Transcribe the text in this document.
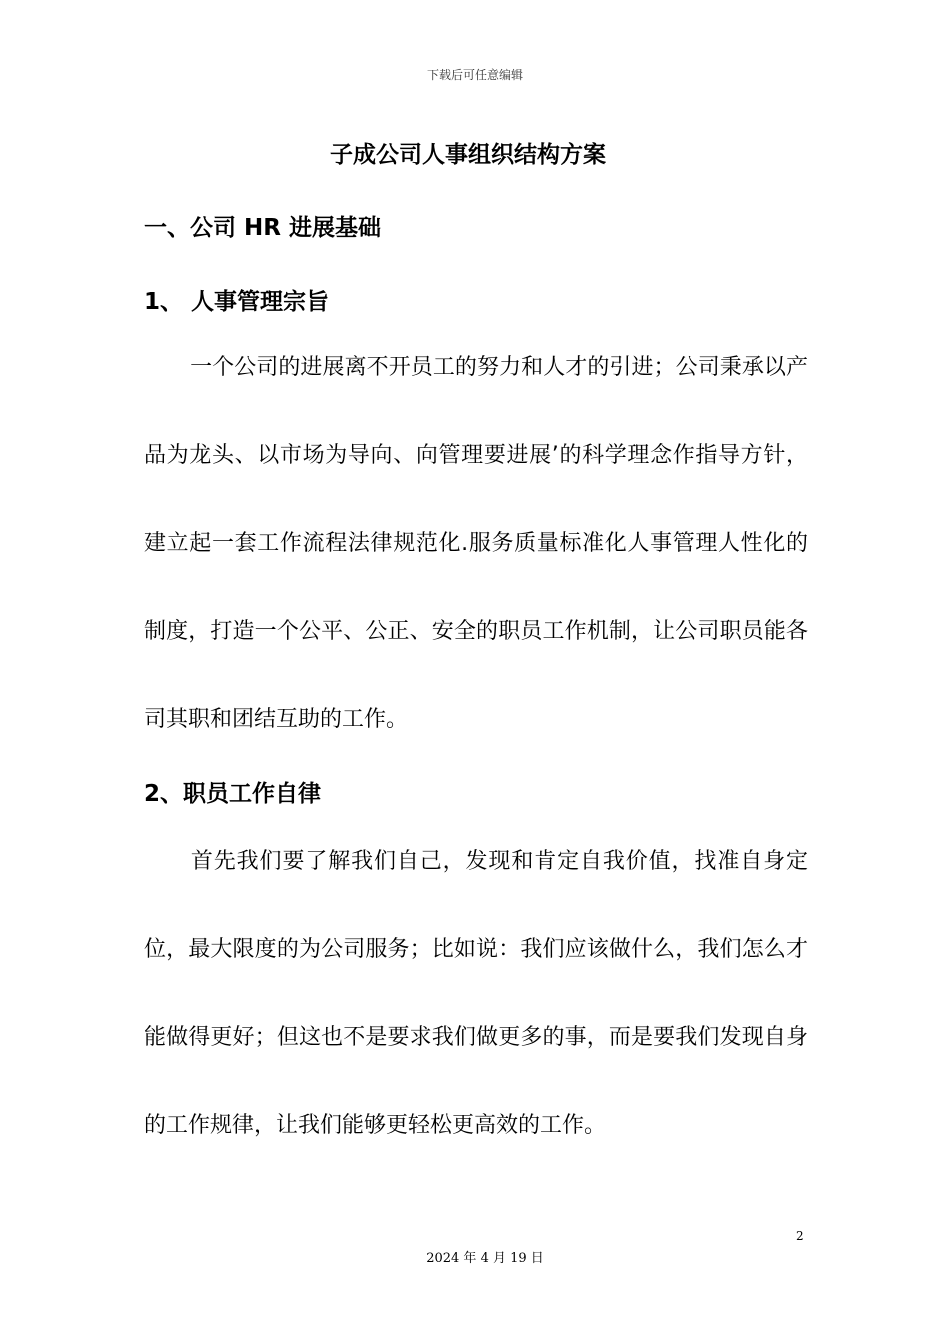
下载后可任意编辑
子成公司人事组织结构方案
一、公司 HR 进展基础
1、 人事管理宗旨
一个公司的进展离不开员工的努力和人才的引进；公司秉承以产品为龙头、以市场为导向、向管理要进展’的科学理念作指导方针，建立起一套工作流程法律规范化.服务质量标准化人事管理人性化的制度，打造一个公平、公正、安全的职员工作机制，让公司职员能各司其职和团结互助的工作。
2、职员工作自律
首先我们要了解我们自己，发现和肯定自我价值，找准自身定位，最大限度的为公司服务；比如说：我们应该做什么，我们怎么才能做得更好；但这也不是要求我们做更多的事，而是要我们发现自身的工作规律，让我们能够更轻松更高效的工作。
2
2024 年 4 月 19 日
